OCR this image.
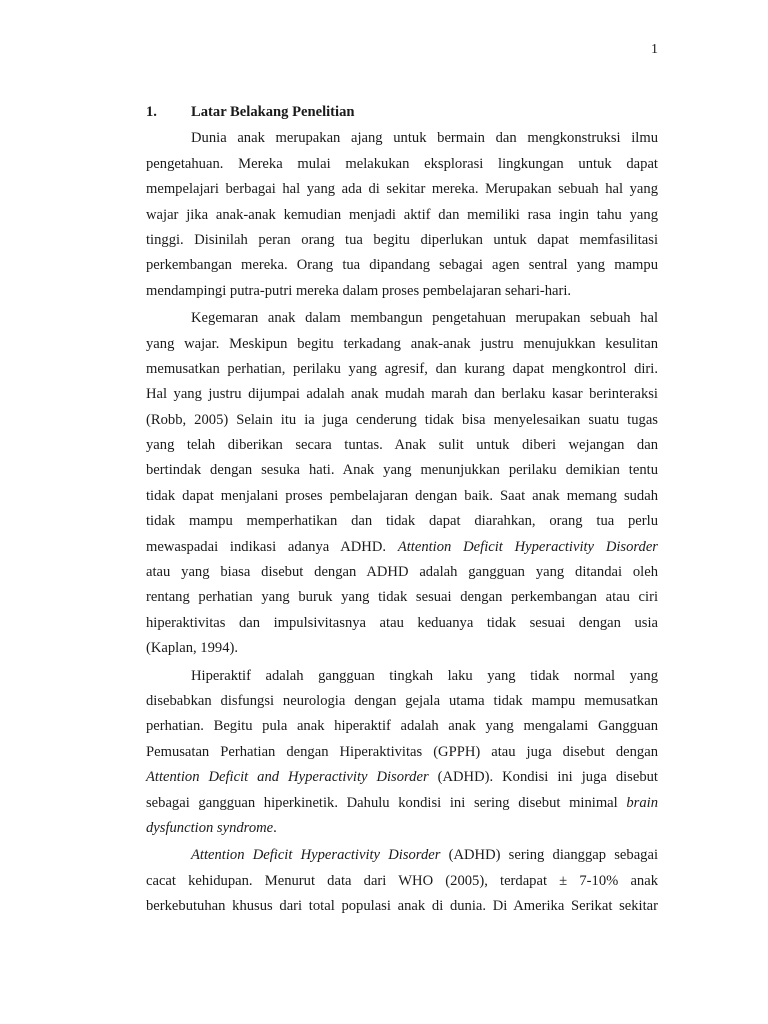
1
1.	Latar Belakang Penelitian
Dunia anak merupakan ajang untuk bermain dan mengkonstruksi ilmu
pengetahuan. Mereka mulai melakukan eksplorasi lingkungan untuk dapat
mempelajari berbagai hal yang ada di sekitar mereka. Merupakan sebuah hal yang
wajar jika anak-anak kemudian menjadi aktif dan memiliki rasa ingin tahu yang
tinggi. Disinilah peran orang tua begitu diperlukan untuk dapat memfasilitasi
perkembangan mereka. Orang tua dipandang sebagai agen sentral yang mampu
mendampingi putra-putri mereka dalam proses pembelajaran sehari-hari.
Kegemaran anak dalam membangun pengetahuan merupakan sebuah hal
yang wajar. Meskipun begitu terkadang anak-anak justru menujukkan kesulitan
memusatkan perhatian, perilaku yang agresif, dan kurang dapat mengkontrol diri.
Hal yang justru dijumpai adalah anak mudah marah dan berlaku kasar berinteraksi
(Robb, 2005) Selain itu ia juga cenderung tidak bisa menyelesaikan suatu tugas
yang telah diberikan secara tuntas. Anak sulit untuk diberi wejangan dan
bertindak dengan sesuka hati. Anak yang menunjukkan perilaku demikian tentu
tidak dapat menjalani proses pembelajaran dengan baik. Saat anak memang sudah
tidak mampu memperhatikan dan tidak dapat diarahkan, orang tua perlu
mewaspadai indikasi adanya ADHD. Attention Deficit Hyperactivity Disorder
atau yang biasa disebut dengan ADHD adalah gangguan yang ditandai oleh
rentang perhatian yang buruk yang tidak sesuai dengan perkembangan atau ciri
hiperaktivitas dan impulsivitasnya atau keduanya tidak sesuai dengan usia
(Kaplan, 1994).
Hiperaktif adalah gangguan tingkah laku yang tidak normal yang
disebabkan disfungsi neurologia dengan gejala utama tidak mampu memusatkan
perhatian. Begitu pula anak hiperaktif adalah anak yang mengalami Gangguan
Pemusatan Perhatian dengan Hiperaktivitas (GPPH) atau juga disebut dengan
Attention Deficit and Hyperactivity Disorder (ADHD). Kondisi ini juga disebut
sebagai gangguan hiperkinetik. Dahulu kondisi ini sering disebut minimal brain
dysfunction syndrome.
Attention Deficit Hyperactivity Disorder (ADHD) sering dianggap sebagai
cacat kehidupan. Menurut data dari WHO (2005), terdapat ± 7-10% anak
berkebutuhan khusus dari total populasi anak di dunia. Di Amerika Serikat sekitar
